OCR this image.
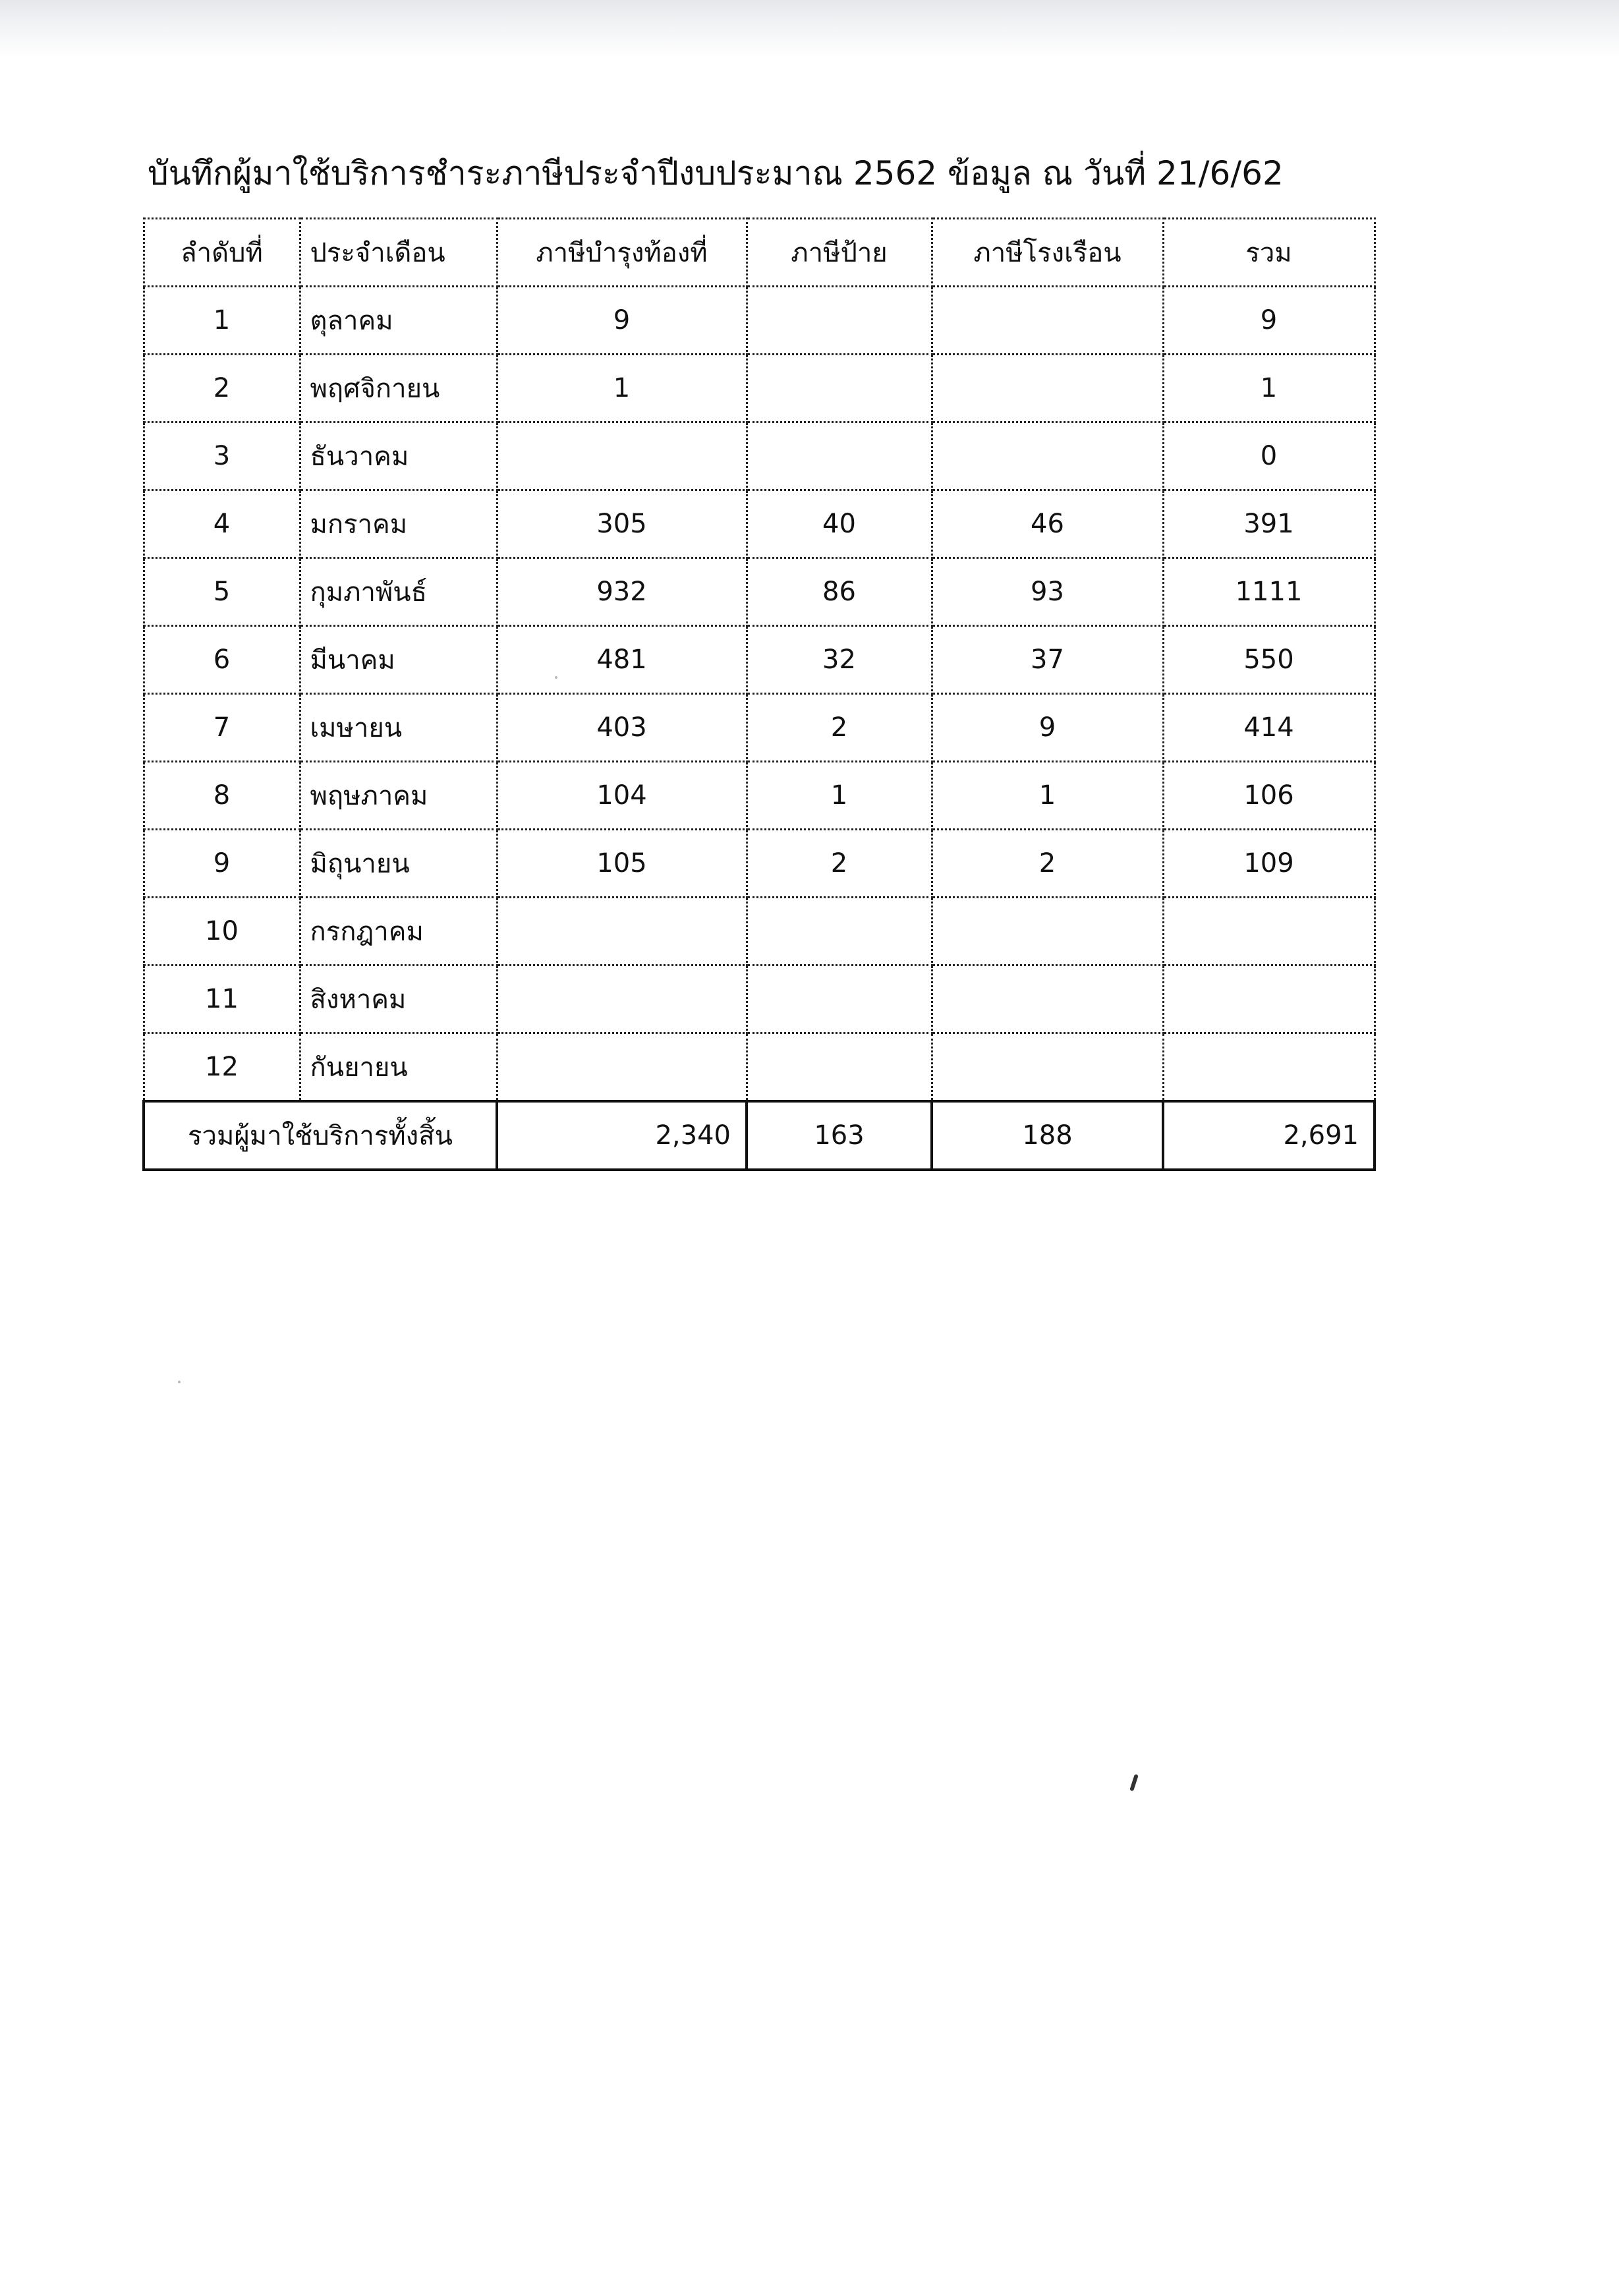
บันทึกผู้มาใช้บริการชำระภาษีประจำปีงบประมาณ 2562 ข้อมูล ณ วันที่ 21/6/62
ลำดับที่	ประจำเดือน	ภาษีบำรุงท้องที่	ภาษีป้าย	ภาษีโรงเรือน	รวม
1	ตุลาคม	9			9
2	พฤศจิกายน	1			1
3	ธันวาคม				0
4	มกราคม	305	40	46	391
5	กุมภาพันธ์	932	86	93	1111
6	มีนาคม	481	32	37	550
7	เมษายน	403	2	9	414
8	พฤษภาคม	104	1	1	106
9	มิถุนายน	105	2	2	109
10	กรกฎาคม				
11	สิงหาคม				
12	กันยายน				
รวมผู้มาใช้บริการทั้งสิ้น		2,340	163	188	2,691
